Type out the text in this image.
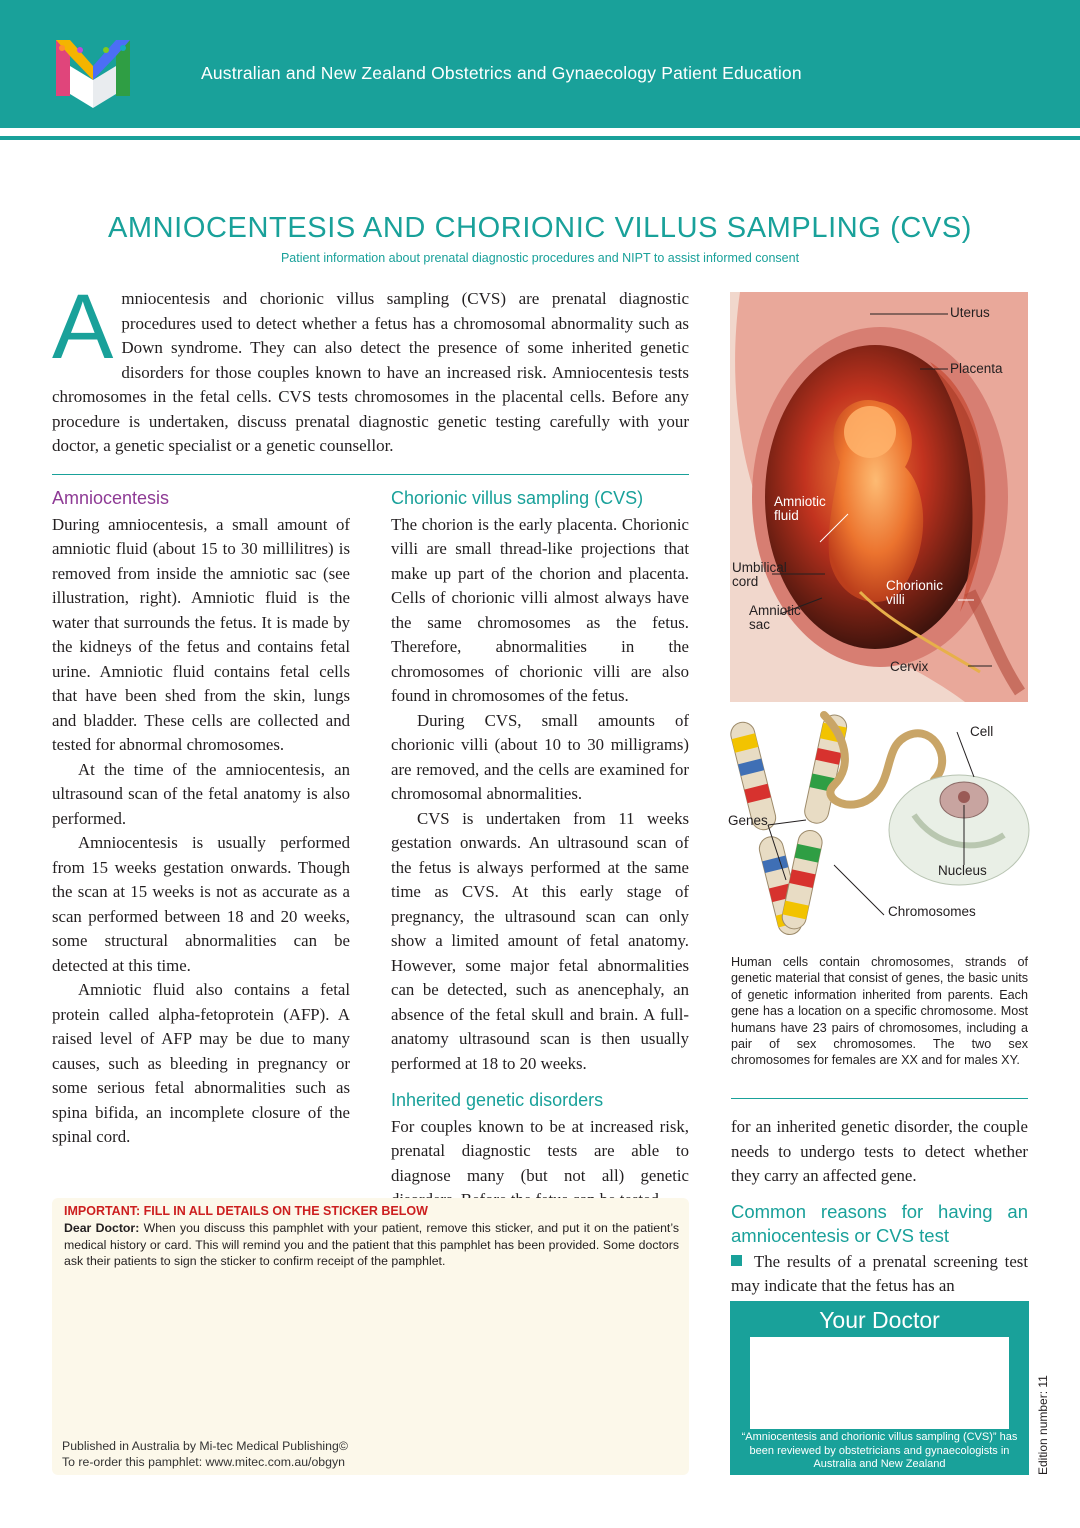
Australian and New Zealand Obstetrics and Gynaecology Patient Education
AMNIOCENTESIS AND CHORIONIC VILLUS SAMPLING (CVS)
Patient information about prenatal diagnostic procedures and NIPT to assist informed consent
Amniocentesis and chorionic villus sampling (CVS) are prenatal diagnostic procedures used to detect whether a fetus has a chromosomal abnormality such as Down syndrome. They can also detect the presence of some inherited genetic disorders for those couples known to have an increased risk. Amniocentesis tests chromosomes in the fetal cells. CVS tests chromosomes in the placental cells. Before any procedure is undertaken, discuss prenatal diagnostic genetic testing carefully with your doctor, a genetic specialist or a genetic counsellor.
Amniocentesis

During amniocentesis, a small amount of amniotic fluid (about 15 to 30 millilitres) is removed from inside the amniotic sac (see illustration, right). Amniotic fluid is the water that surrounds the fetus. It is made by the kidneys of the fetus and contains fetal urine. Amniotic fluid contains fetal cells that have been shed from the skin, lungs and bladder. These cells are collected and tested for abnormal chromosomes.

At the time of the amniocentesis, an ultrasound scan of the fetal anatomy is also performed.

Amniocentesis is usually performed from 15 weeks gestation onwards. Though the scan at 15 weeks is not as accurate as a scan performed between 18 and 20 weeks, some structural abnormalities can be detected at this time.

Amniotic fluid also contains a fetal protein called alpha-fetoprotein (AFP). A raised level of AFP may be due to many causes, such as bleeding in pregnancy or some serious fetal abnormalities such as spina bifida, an incomplete closure of the spinal cord.

Chorionic villus sampling (CVS)

The chorion is the early placenta. Chorionic villi are small thread-like projections that make up part of the chorion and placenta. Cells of chorionic villi almost always have the same chromosomes as the fetus. Therefore, abnormalities in the chromosomes of chorionic villi are also found in chromosomes of the fetus.

During CVS, small amounts of chorionic villi (about 10 to 30 milligrams) are removed, and the cells are examined for chromosomal abnormalities.

CVS is undertaken from 11 weeks gestation onwards. An ultrasound scan of the fetus is always performed at the same time as CVS. At this early stage of pregnancy, the ultrasound scan can only show a limited amount of fetal anatomy. However, some major fetal abnormalities can be detected, such as anencephaly, an absence of the fetal skull and brain. A full-anatomy ultrasound scan is then usually performed at 18 to 20 weeks.

Inherited genetic disorders

For couples known to be at increased risk, prenatal diagnostic tests are able to diagnose many (but not all) genetic

Uterus
Placenta
Amniotic
fluid
Umbilical
cord
Amniotic
sac
Chorionic
villi
Cervix
Cell
Genes
Nucleus
Chromosomes
Human cells contain chromosomes, strands of genetic material that consist of genes, the basic units of genetic information inherited from parents. Each gene has a location on a specific chromosome. Most humans have 23 pairs of chromosomes, including a pair of sex chromosomes. The two sex chromosomes for females are XX and for males XY.

for an inherited genetic disorder, the couple needs to undergo tests to detect whether they carry an affected gene.

Common reasons for having an amniocentesis or CVS test

The results of a prenatal screening test may indicate that the fetus has an

IMPORTANT: FILL IN ALL DETAILS ON THE STICKER BELOW
Dear Doctor: When you discuss this pamphlet with your patient, remove this sticker, and put it on the patient’s medical history or card. This will remind you and the patient that this pamphlet has been provided. Some doctors ask their patients to sign the sticker to confirm receipt of the pamphlet.
Published in Australia by Mi-tec Medical Publishing©
To re-order this pamphlet: www.mitec.com.au/obgyn
Your Doctor
“Amniocentesis and chorionic villus sampling (CVS)” has been reviewed by obstetricians and gynaecologists in Australia and New Zealand	Edition number: 11
